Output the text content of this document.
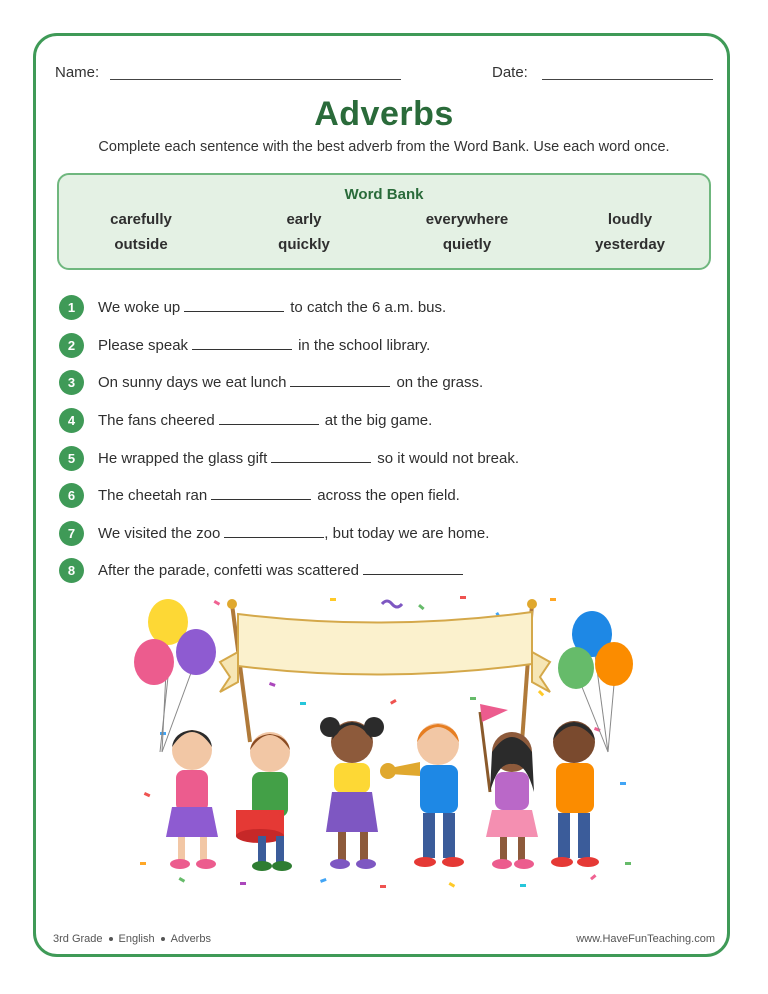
Name:	Date:
Adverbs
Complete each sentence with the best adverb from the Word Bank. Use each word once.
Word Bank
carefully	early	everywhere	loudly
outside	quickly	quietly	yesterday
1	We woke up	to catch the 6 a.m. bus.
2	Please speak	in the school library.
3	On sunny days we eat lunch	on the grass.
4	The fans cheered	at the big game.
5	He wrapped the glass gift	so it would not break.
6	The cheetah ran	across the open field.
7	We visited the zoo	, but today we are home.
8	After the parade, confetti was scattered
3rd Grade English Adverbs	www.HaveFunTeaching.com
